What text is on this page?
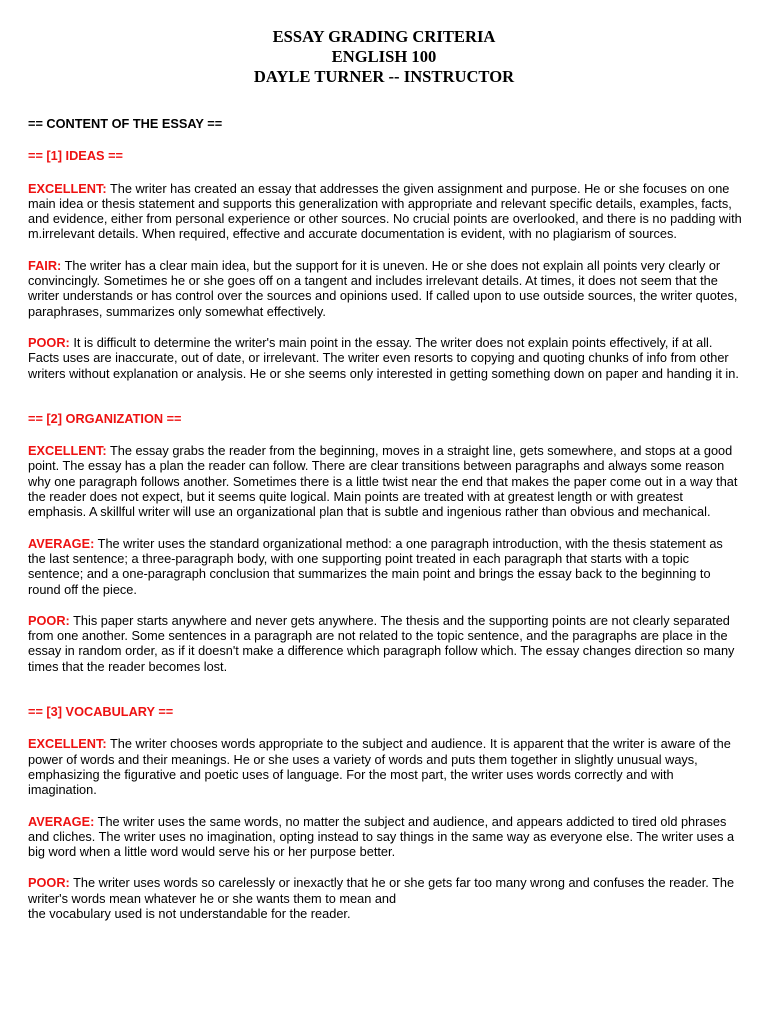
ESSAY GRADING CRITERIA
ENGLISH 100
DAYLE TURNER -- INSTRUCTOR

== CONTENT OF THE ESSAY ==

== [1] IDEAS ==

EXCELLENT: The writer has created an essay that addresses the given assignment and purpose. He or she focuses on one main idea or thesis statement and supports this generalization with appropriate and relevant specific details, examples, facts, and evidence, either from personal experience or other sources. No crucial points are overlooked, and there is no padding with
m.irrelevant details. When required, effective and accurate documentation is evident, with no plagiarism of sources.

FAIR: The writer has a clear main idea, but the support for it is uneven. He or she does not explain all points very clearly or convincingly. Sometimes he or she goes off on a tangent and includes irrelevant details. At times, it does not seem that the writer understands or has control over the sources and opinions used. If called upon to use outside sources, the writer quotes, paraphrases, summarizes only somewhat effectively.

POOR: It is difficult to determine the writer's main point in the essay. The writer does not explain points effectively, if at all. Facts uses are inaccurate, out of date, or irrelevant. The writer even resorts to copying and quoting chunks of info from other writers without explanation or analysis. He or she seems only interested in getting something down on paper and handing it in.

== [2] ORGANIZATION ==

EXCELLENT: The essay grabs the reader from the beginning, moves in a straight line, gets somewhere, and stops at a good point. The essay has a plan the reader can follow. There are clear transitions between paragraphs and always some reason why one paragraph follows another. Sometimes there is a little twist near the end that makes the paper come out in a way that the reader does not expect, but it seems quite logical. Main points are treated with at greatest length or with greatest emphasis. A skillful writer will use an organizational plan that is subtle and ingenious rather than obvious and mechanical.

AVERAGE: The writer uses the standard organizational method: a one paragraph introduction, with the thesis statement as the last sentence; a three-paragraph body, with one supporting point treated in each paragraph that starts with a topic sentence; and a one-paragraph conclusion that summarizes the main point and brings the essay back to the beginning to round off the piece.

POOR: This paper starts anywhere and never gets anywhere. The thesis and the supporting points are not clearly separated from one another. Some sentences in a paragraph are not related to the topic sentence, and the paragraphs are place in the essay in random order, as if it doesn't make a difference which paragraph follow which. The essay changes direction so many times that the reader becomes lost.

== [3] VOCABULARY ==

EXCELLENT: The writer chooses words appropriate to the subject and audience. It is apparent that the writer is aware of the power of words and their meanings. He or she uses a variety of words and puts them together in slightly unusual ways, emphasizing the figurative and poetic uses of language. For the most part, the writer uses words correctly and with imagination.

AVERAGE: The writer uses the same words, no matter the subject and audience, and appears addicted to tired old phrases and cliches. The writer uses no imagination, opting instead to say things in the same way as everyone else. The writer uses a big word when a little word would serve his or her purpose better.

POOR: The writer uses words so carelessly or inexactly that he or she gets far too many wrong and confuses the reader. The writer's words mean whatever he or she wants them to mean and
the vocabulary used is not understandable for the reader.
